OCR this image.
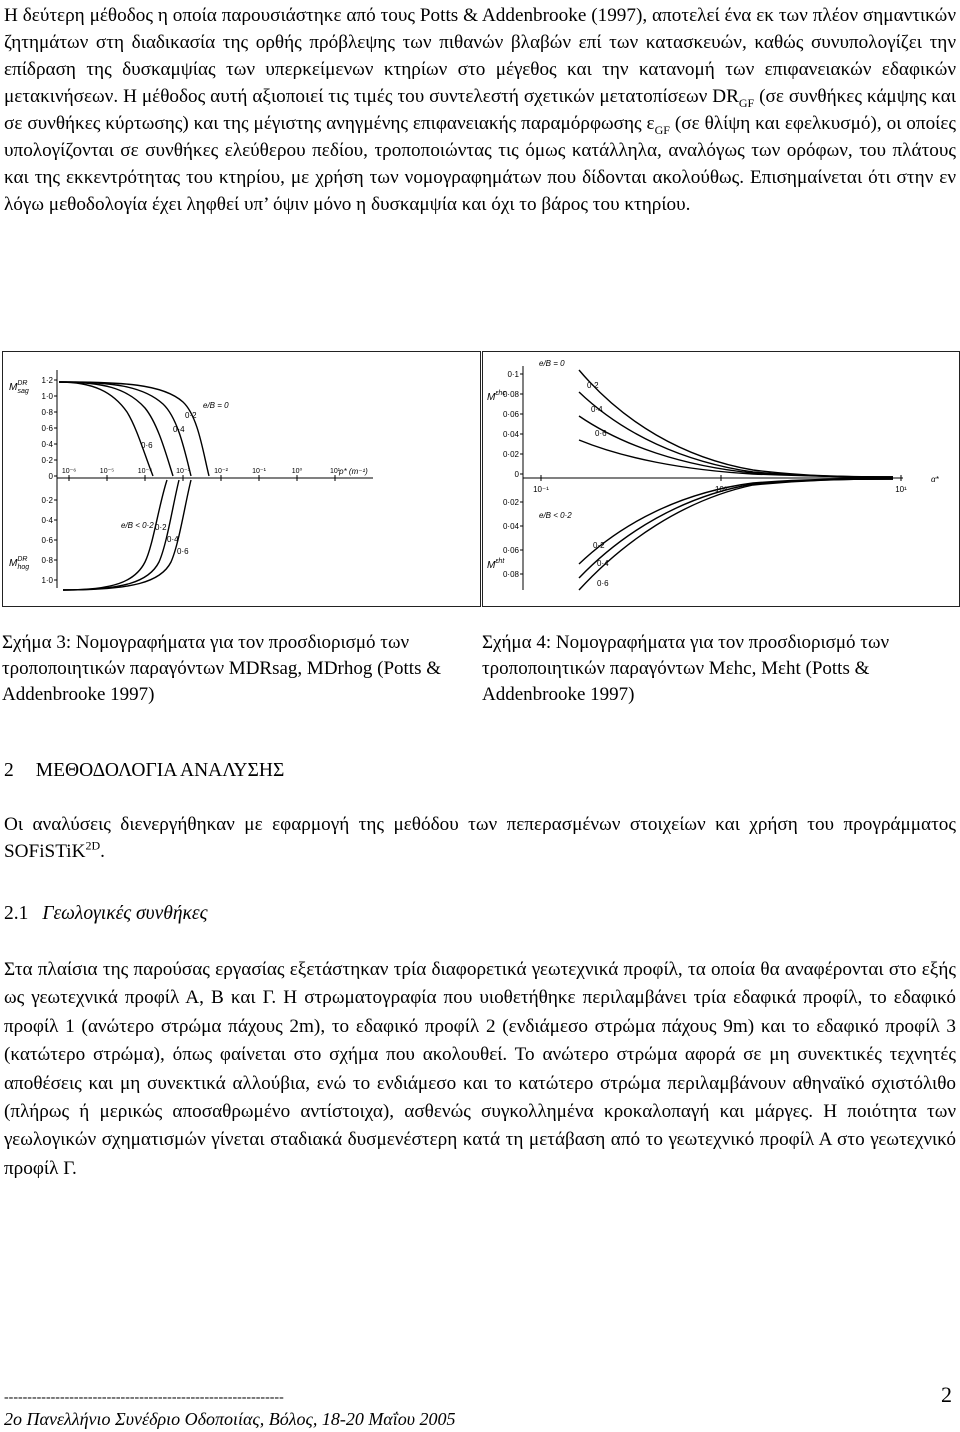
Η δεύτερη μέθοδος η οποία παρουσιάστηκε από τους Potts & Addenbrooke (1997), αποτελεί ένα εκ των πλέον σημαντικών ζητημάτων στη διαδικασία της ορθής πρόβλεψης των πιθανών βλαβών επί των κατασκευών, καθώς συνυπολογίζει την επίδραση της δυσκαμψίας των υπερκείμενων κτηρίων στο μέγεθος και την κατανομή των επιφανειακών εδαφικών μετακινήσεων. Η μέθοδος αυτή αξιοποιεί τις τιμές του συντελεστή σχετικών μετατοπίσεων $DR_{GF}$ (σε συνθήκες κάμψης και σε συνθήκες κύρτωσης) και της μέγιστης ανηγμένης επιφανειακής παραμόρφωσης $\varepsilon_{GF}$ (σε θλίψη και εφελκυσμό), οι οποίες υπολογίζονται σε συνθήκες ελεύθερου πεδίου, τροποποιώντας τις όμως κατάλληλα, αναλόγως των ορόφων, του πλάτους και της εκκεντρότητας του κτηρίου, με χρήση των νομογραφημάτων που δίδονται ακολούθως. Επισημαίνεται ότι στην εν λόγω μεθοδολογία έχει ληφθεί υπ’ όψιν μόνο η δυσκαμψία και όχι το βάρος του κτηρίου.
1·2
1·0
0·8
0·6
0·4
0·2
0
0·2
0·4
0·6
0·8
1·0
10⁻⁶	10⁻⁵	10⁻⁴	10⁻³	10⁻²	10⁻¹	10⁰	10¹
$M^{DR}$ sag
$M^{DR}$ hog
ρ* (m⁻¹)
0·6
0·4
0·2
e/B = 0
e/B < 0·2 0·2
0·4
0·6
0·1
0·08
0·06
0·04
0·02
0
0·02
0·04
0·06
0·08
10⁻¹	10⁰	10¹
$M^{\varepsilon hc}$
$M^{\varepsilon ht}$
α*
e/B = 0
0·2
0·4
0·6
e/B < 0·2
0·2
0·4
0·6
Σχήμα 3: Νομογραφήματα για τον προσδιορισμό των τροποποιητικών παραγόντων MDRsag, MDrhog (Potts & Addenbrooke 1997)
Σχήμα 4: Νομογραφήματα για τον προσδιορισμό των τροποποιητικών παραγόντων Mεhc, Mεht (Potts & Addenbrooke 1997)
2 ΜΕΘΟΔΟΛΟΓΙΑ ΑΝΑΛΥΣΗΣ
Οι αναλύσεις διενεργήθηκαν με εφαρμογή της μεθόδου των πεπερασμένων στοιχείων και χρήση του προγράμματος SOFiSTiK$^{2D}$.
2.1 Γεωλογικές συνθήκες
Στα πλαίσια της παρούσας εργασίας εξετάστηκαν τρία διαφορετικά γεωτεχνικά προφίλ, τα οποία θα αναφέρονται στο εξής ως γεωτεχνικά προφίλ Α, Β και Γ. Η στρωματογραφία που υιοθετήθηκε περιλαμβάνει τρία εδαφικά προφίλ, το εδαφικό προφίλ 1 (ανώτερο στρώμα πάχους 2m), το εδαφικό προφίλ 2 (ενδιάμεσο στρώμα πάχους 9m) και το εδαφικό προφίλ 3 (κατώτερο στρώμα), όπως φαίνεται στο σχήμα που ακολουθεί. Το ανώτερο στρώμα αφορά σε μη συνεκτικές τεχνητές αποθέσεις και μη συνεκτικά αλλούβια, ενώ το ενδιάμεσο και το κατώτερο στρώμα περιλαμβάνουν αθηναϊκό σχιστόλιθο (πλήρως ή μερικώς αποσαθρωμένο αντίστοιχα), ασθενώς συγκολλημένα κροκαλοπαγή και μάργες. Η ποιότητα των γεωλογικών σχηματισμών γίνεται σταδιακά δυσμενέστερη κατά τη μετάβαση από το γεωτεχνικό προφίλ Α στο γεωτεχνικό προφίλ Γ.
------------------------------------------------------------
2o Πανελλήνιο Συνέδριο Οδοποιίας, Βόλος, 18-20 Μαΐου 2005
2
